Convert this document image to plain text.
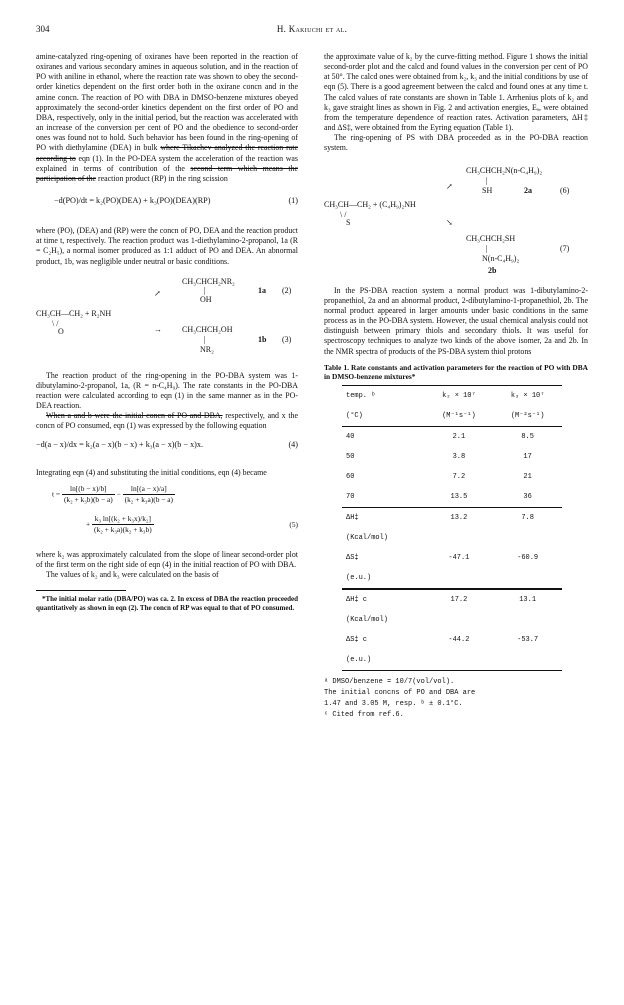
304	H. Kakiuchi et al.

amine-catalyzed ring-opening of oxiranes have been reported in the reaction of oxiranes and various secondary amines in aqueous solution, and in the reaction of PO with aniline in ethanol, where the reaction rate was shown to obey the second-order kinetics dependent on the first order both in the oxirane concn and in the amine concn. The reaction of PO with DBA in DMSO-benzene mixtures obeyed approximately the second-order kinetics dependent on the first order of PO and DBA, respectively, only in the initial period, but the reaction was accelerated with an increase of the conversion per cent of PO and the obedience to second-order ones was found not to hold. Such behavior has been found in the ring-opening of PO with diethylamine (DEA) in bulk where Tikachev analyzed the reaction rate according to eqn (1). In the PO-DEA system the acceleration of the reaction was explained in terms of contribution of the second term which means the participation of the reaction product (RP) in the ring scission

−d(PO)/dt = k₂(PO)(DEA) + k₃(PO)(DEA)(RP)	(1)

where (PO), (DEA) and (RP) were the concn of PO, DEA and the reaction product at time t, respectively. The reaction product was 1-diethylamino-2-propanol, 1a (R = C₂H₅), a normal isomer produced as 1:1 adduct of PO and DEA. An abnormal product, 1b, was negligible under neutral or basic conditions.

CH₃CHCH₂NR₂
|
OH
1a (2)
↗
CH₃CH—CH₂ + R₂NH
\ /
O	→	CH₃CHCH₂OH
|
NR₂
1b (3)

The reaction product of the ring-opening in the PO-DBA system was 1-dibutylamino-2-propanol, 1a, (R = n-C₄H₉). The rate constants in the PO-DBA reaction were calculated according to eqn (1) in the same manner as in the PO-DEA reaction.

When a and b were the initial concn of PO and DBA, respectively, and x the concn of PO consumed, eqn (1) was expressed by the following equation

−d(a − x)/dx = k₂(a − x)(b − x) + k₃(a − x)(b − x)x.	(4)

Integrating eqn (4) and substituting the initial conditions, eqn (4) became

$t = \frac{\ln[(b - x)/b]}{\text{(k₂ + k₃b)(b − a)}} - \frac{\ln[(a - x)/a]}{\text{(k₂ + k₃a)(b − a)}}$
+ $\frac{\text{k₃ ln[(k₂ + k₃x)/k₂]}}{\text{(k₂ + k₃a)(k₂ + k₃b)}}$	(5)

where k₂ was approximately calculated from the slope of linear second-order plot of the first term on the right side of eqn (4) in the initial reaction of PO with DBA.

The values of k₂ and k₃ were calculated on the basis of

*The initial molar ratio (DBA/PO) was ca. 2. In excess of DBA the reaction proceeded quantitatively as shown in eqn (2). The concn of RP was equal to that of PO consumed.

the approximate value of k₂ by the curve-fitting method. Figure 1 shows the initial second-order plot and the calcd and found values in the conversion per cent of PO at 50°. The calcd ones were obtained from k₂, k₃ and the initial conditions by use of eqn (5). There is a good agreement between the calcd and found ones at any time t. The calcd values of rate constants are shown in Table 1. Arrhenius plots of k₂ and k₃ gave straight lines as shown in Fig. 2 and activation energies, Eₐ, were obtained from the temperature dependence of reaction rates. Activation parameters, ΔH‡ and ΔS‡, were obtained from the Eyring equation (Table 1).

The ring-opening of PS with DBA proceeded as in the PO-DBA reaction system.

CH₃CHCH₂N(n-C₄H₉)₂
|
SH	2a	(6)
↗
CH₃CH—CH₂ + (C₄H₉)₂NH
\ /
S	↘
CH₃CHCH₂SH
|	(7)
N(n-C₄H₉)₂
2b

In the PS-DBA reaction system a normal product was 1-dibutylamino-2-propanethiol, 2a and an abnormal product, 2-dibutylamino-1-propanethiol, 2b. The normal product appeared in larger amounts under basic conditions in the same process as in the PO-DBA system. However, the usual chemical analysis could not distinguish between primary thiols and secondary thiols. It was useful for spectroscopy techniques to analyze two kinds of the above isomer, 2a and 2b. In the NMR spectra of products of the PS-DBA system thiol protons

Table 1. Rate constants and activation parameters for the reaction of PO with DBA in DMSO-benzene mixtures*
temp. ᵇ	k₂ × 10⁷	k₃ × 10⁷
(°C)	(M⁻¹s⁻¹)	(M⁻²s⁻¹)
40	2.1	8.5
50	3.8	17
60	7.2	21
70	13.5	36
ΔH‡	13.2	7.8
(Kcal/mol)		
ΔS‡	-47.1	-60.9
(e.u.)		
ΔH‡ c	17.2	13.1
(Kcal/mol)		
ΔS‡ c	-44.2	-53.7
(e.u.)		
ᵃ DMSO/benzene = 10/7(vol/vol).
The initial concns of PO and DBA are
1.47 and 3.05 M, resp. ᵇ ± 0.1°C.
ᶜ Cited from ref.6.
